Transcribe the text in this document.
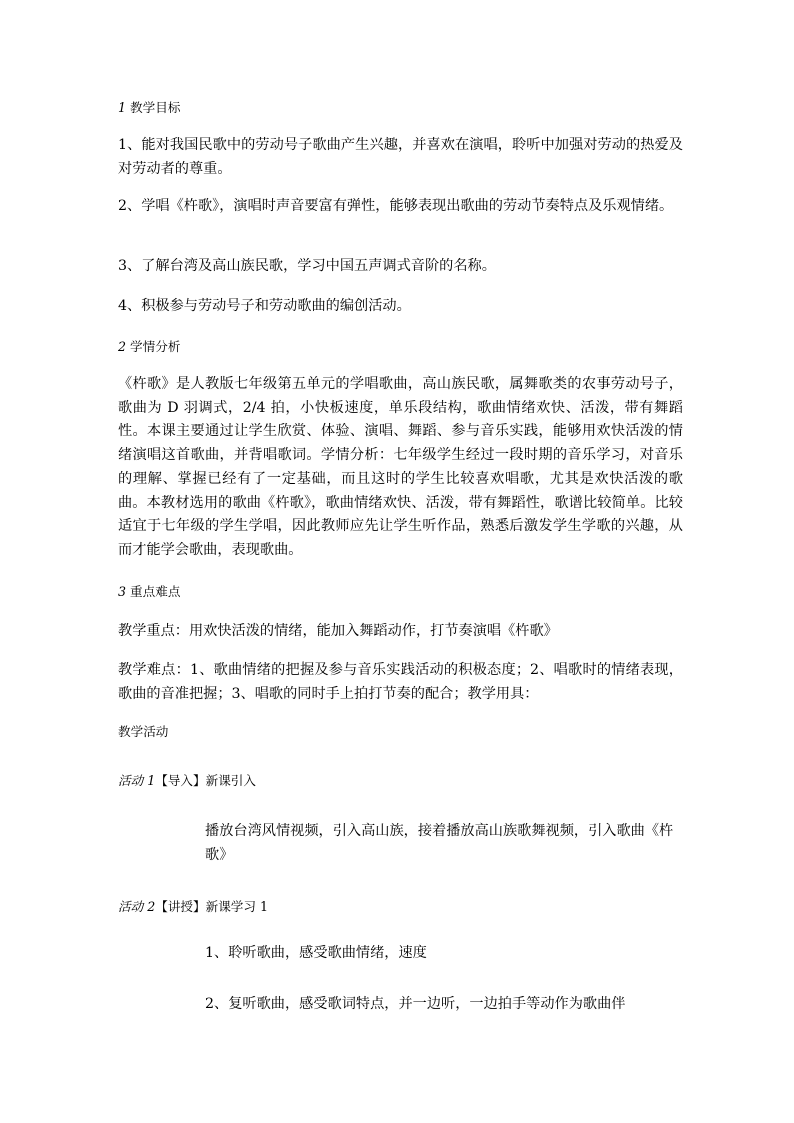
1 教学目标

1、能对我国民歌中的劳动号子歌曲产生兴趣，并喜欢在演唱，聆听中加强对劳动的热爱及对劳动者的尊重。

2、学唱《杵歌》，演唱时声音要富有弹性，能够表现出歌曲的劳动节奏特点及乐观情绪。

3、了解台湾及高山族民歌，学习中国五声调式音阶的名称。

4、积极参与劳动号子和劳动歌曲的编创活动。

2 学情分析

《杵歌》是人教版七年级第五单元的学唱歌曲，高山族民歌，属舞歌类的农事劳动号子，歌曲为 D 羽调式，2/4 拍，小快板速度，单乐段结构，歌曲情绪欢快、活泼，带有舞蹈性。本课主要通过让学生欣赏、体验、演唱、舞蹈、参与音乐实践，能够用欢快活泼的情绪演唱这首歌曲，并背唱歌词。学情分析：七年级学生经过一段时期的音乐学习，对音乐的理解、掌握已经有了一定基础，而且这时的学生比较喜欢唱歌，尤其是欢快活泼的歌曲。本教材选用的歌曲《杵歌》，歌曲情绪欢快、活泼，带有舞蹈性，歌谱比较简单。比较适宜于七年级的学生学唱，因此教师应先让学生听作品，熟悉后激发学生学歌的兴趣，从而才能学会歌曲，表现歌曲。

3 重点难点

教学重点：用欢快活泼的情绪，能加入舞蹈动作，打节奏演唱《杵歌》

教学难点：1、歌曲情绪的把握及参与音乐实践活动的积极态度；2、唱歌时的情绪表现，歌曲的音准把握；3、唱歌的同时手上拍打节奏的配合；教学用具：

教学活动

活动 1【导入】新课引入

播放台湾风情视频，引入高山族，接着播放高山族歌舞视频，引入歌曲《杵歌》

活动 2【讲授】新课学习 1

1、聆听歌曲，感受歌曲情绪，速度

2、复听歌曲，感受歌词特点，并一边听，一边拍手等动作为歌曲伴
